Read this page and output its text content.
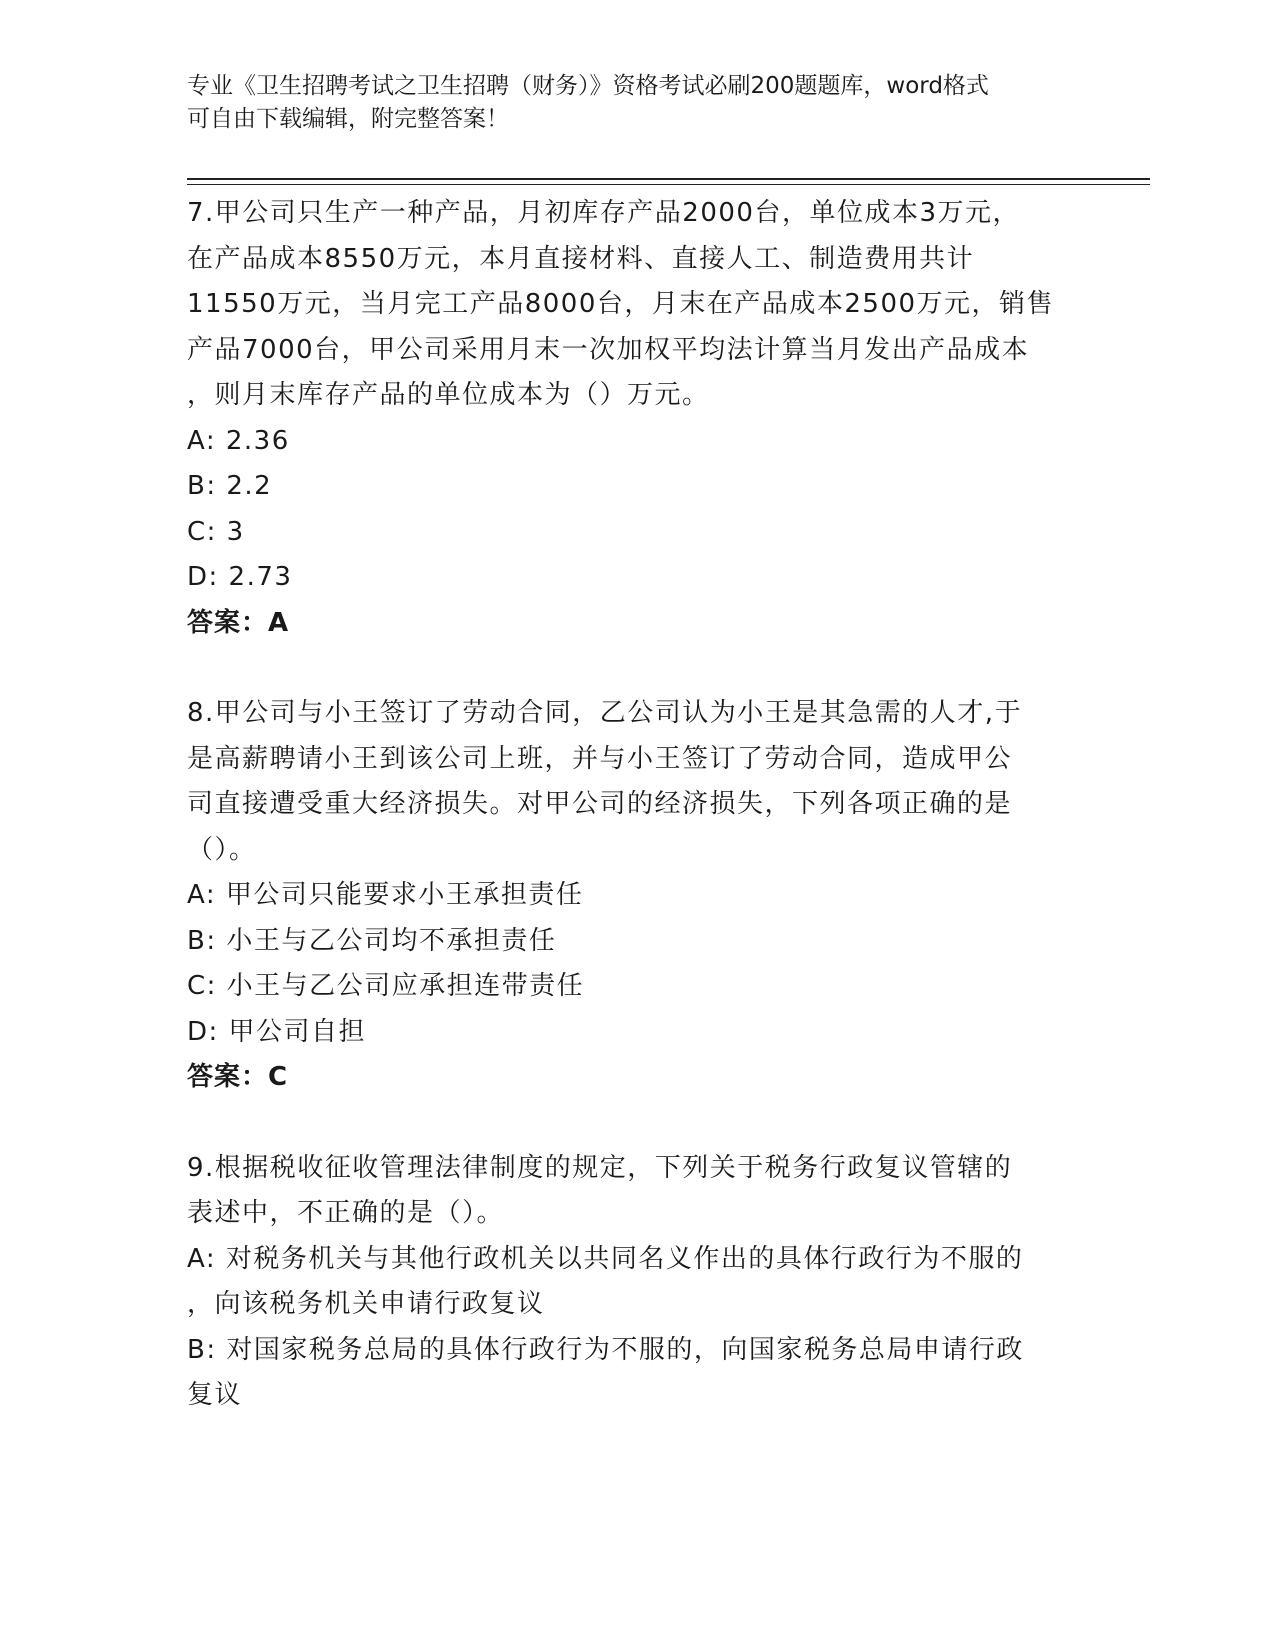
专业《卫生招聘考试之卫生招聘（财务）》资格考试必刷200题题库，word格式

可自由下载编辑，附完整答案！

7.甲公司只生产一种产品，月初库存产品2000台，单位成本3万元，

在产品成本8550万元，本月直接材料、直接人工、制造费用共计

11550万元，当月完工产品8000台，月末在产品成本2500万元，销售

产品7000台，甲公司采用月末一次加权平均法计算当月发出产品成本

，则月末库存产品的单位成本为（）万元。

A: 2.36

B: 2.2

C: 3

D: 2.73

答案：A

8.甲公司与小王签订了劳动合同，乙公司认为小王是其急需的人才,于

是高薪聘请小王到该公司上班，并与小王签订了劳动合同，造成甲公

司直接遭受重大经济损失。对甲公司的经济损失，下列各项正确的是

（）。

A: 甲公司只能要求小王承担责任

B: 小王与乙公司均不承担责任

C: 小王与乙公司应承担连带责任

D: 甲公司自担

答案：C

9.根据税收征收管理法律制度的规定，下列关于税务行政复议管辖的

表述中，不正确的是（）。

A: 对税务机关与其他行政机关以共同名义作出的具体行政行为不服的

，向该税务机关申请行政复议

B: 对国家税务总局的具体行政行为不服的，向国家税务总局申请行政

复议
